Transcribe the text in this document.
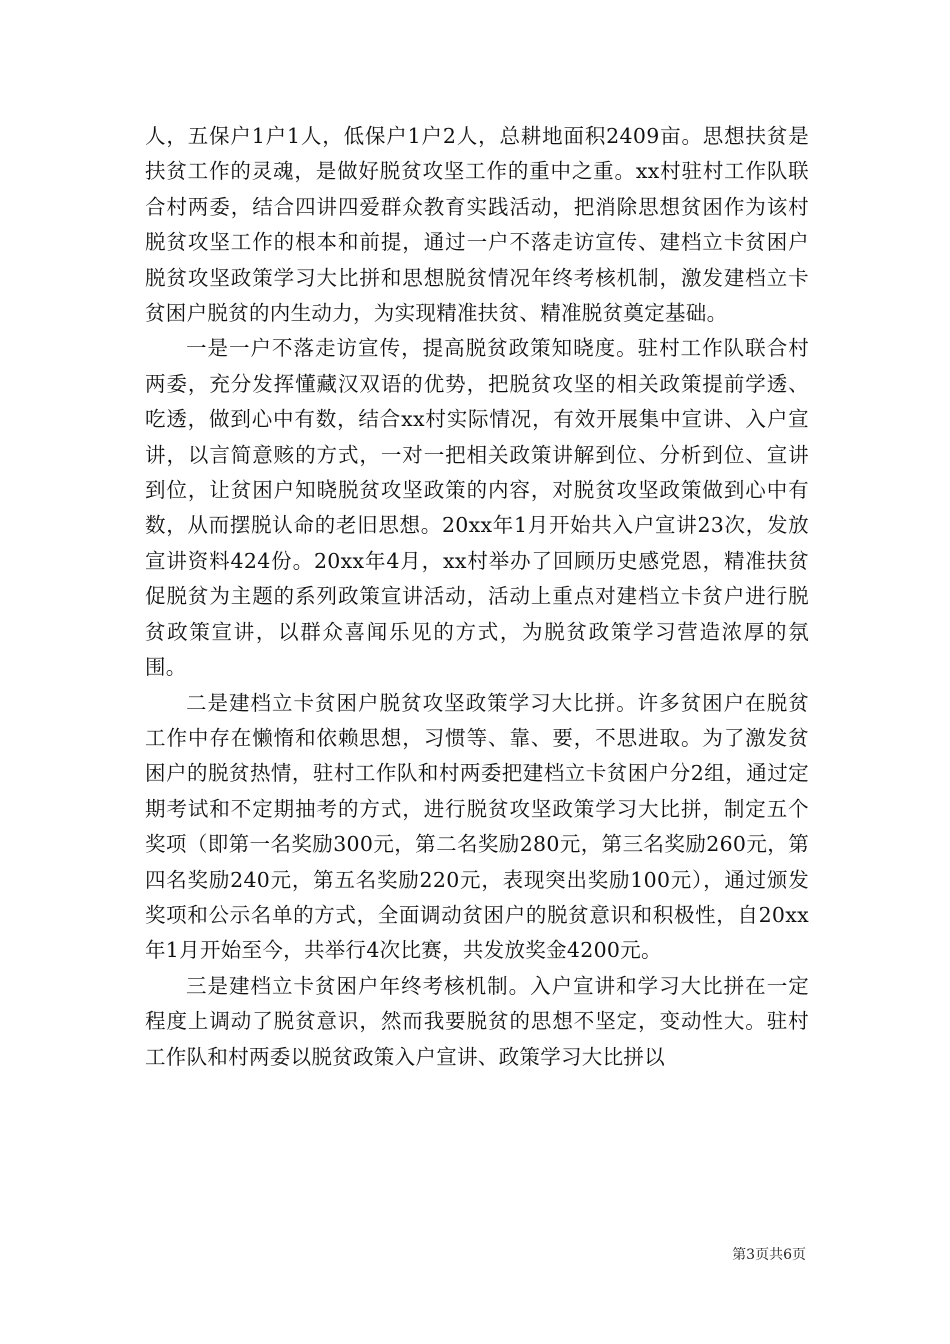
人，五保户1户1人，低保户1户2人，总耕地面积2409亩。思想扶贫是扶贫工作的灵魂，是做好脱贫攻坚工作的重中之重。xx村驻村工作队联合村两委，结合四讲四爱群众教育实践活动，把消除思想贫困作为该村脱贫攻坚工作的根本和前提，通过一户不落走访宣传、建档立卡贫困户脱贫攻坚政策学习大比拼和思想脱贫情况年终考核机制，激发建档立卡贫困户脱贫的内生动力，为实现精准扶贫、精准脱贫奠定基础。

一是一户不落走访宣传，提高脱贫政策知晓度。驻村工作队联合村两委，充分发挥懂藏汉双语的优势，把脱贫攻坚的相关政策提前学透、吃透，做到心中有数，结合xx村实际情况，有效开展集中宣讲、入户宣讲，以言简意赅的方式，一对一把相关政策讲解到位、分析到位、宣讲到位，让贫困户知晓脱贫攻坚政策的内容，对脱贫攻坚政策做到心中有数，从而摆脱认命的老旧思想。20xx年1月开始共入户宣讲23次，发放宣讲资料424份。20xx年4月，xx村举办了回顾历史感党恩，精准扶贫促脱贫为主题的系列政策宣讲活动，活动上重点对建档立卡贫户进行脱贫政策宣讲，以群众喜闻乐见的方式，为脱贫政策学习营造浓厚的氛围。

二是建档立卡贫困户脱贫攻坚政策学习大比拼。许多贫困户在脱贫工作中存在懒惰和依赖思想，习惯等、靠、要，不思进取。为了激发贫困户的脱贫热情，驻村工作队和村两委把建档立卡贫困户分2组，通过定期考试和不定期抽考的方式，进行脱贫攻坚政策学习大比拼，制定五个奖项（即第一名奖励300元，第二名奖励280元，第三名奖励260元，第四名奖励240元，第五名奖励220元，表现突出奖励100元），通过颁发奖项和公示名单的方式，全面调动贫困户的脱贫意识和积极性，自20xx年1月开始至今，共举行4次比赛，共发放奖金4200元。

三是建档立卡贫困户年终考核机制。入户宣讲和学习大比拼在一定程度上调动了脱贫意识，然而我要脱贫的思想不坚定，变动性大。驻村工作队和村两委以脱贫政策入户宣讲、政策学习大比拼以

第3页共6页
